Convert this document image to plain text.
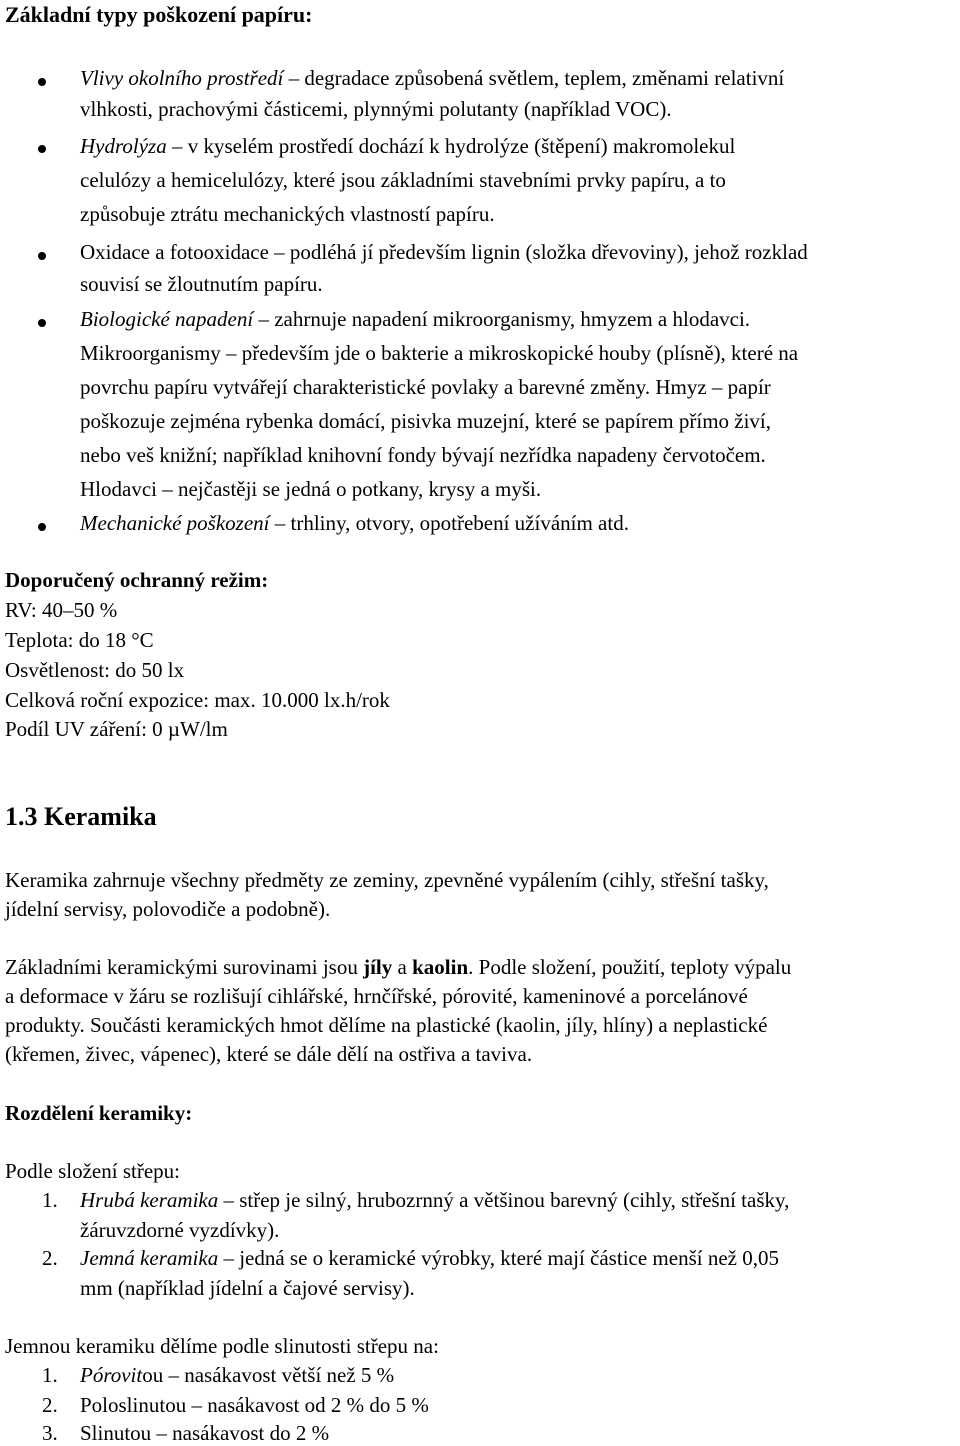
Základní typy poškození papíru:
Vlivy okolního prostředí – degradace způsobená světlem, teplem, změnami relativní
vlhkosti, prachovými částicemi, plynnými polutanty (například VOC).
Hydrolýza – v kyselém prostředí dochází k hydrolýze (štěpení) makromolekul
celulózy a hemicelulózy, které jsou základními stavebními prvky papíru, a to
způsobuje ztrátu mechanických vlastností papíru.
Oxidace a fotooxidace – podléhá jí především lignin (složka dřevoviny), jehož rozklad
souvisí se žloutnutím papíru.
Biologické napadení – zahrnuje napadení mikroorganismy, hmyzem a hlodavci.
Mikroorganismy – především jde o bakterie a mikroskopické houby (plísně), které na
povrchu papíru vytvářejí charakteristické povlaky a barevné změny. Hmyz – papír
poškozuje zejména rybenka domácí, pisivka muzejní, které se papírem přímo živí,
nebo veš knižní; například knihovní fondy bývají nezřídka napadeny červotočem.
Hlodavci – nejčastěji se jedná o potkany, krysy a myši.
Mechanické poškození – trhliny, otvory, opotřebení užíváním atd.
Doporučený ochranný režim:
RV: 40–50 %
Teplota: do 18 °C
Osvětlenost: do 50 lx
Celková roční expozice: max. 10.000 lx.h/rok
Podíl UV záření: 0 µW/lm
1.3 Keramika
Keramika zahrnuje všechny předměty ze zeminy, zpevněné vypálením (cihly, střešní tašky,
jídelní servisy, polovodiče a podobně).
Základními keramickými surovinami jsou jíly a kaolin. Podle složení, použití, teploty výpalu
a deformace v žáru se rozlišují cihlářské, hrnčířské, pórovité, kameninové a porcelánové
produkty. Součásti keramických hmot dělíme na plastické (kaolin, jíly, hlíny) a neplastické
(křemen, živec, vápenec), které se dále dělí na ostřiva a taviva.
Rozdělení keramiky:
Podle složení střepu:
1. Hrubá keramika – střep je silný, hrubozrnný a většinou barevný (cihly, střešní tašky,
žáruvzdorné vyzdívky).
2. Jemná keramika – jedná se o keramické výrobky, které mají částice menší než 0,05
mm (například jídelní a čajové servisy).
Jemnou keramiku dělíme podle slinutosti střepu na:
1. Pórovitou – nasákavost větší než 5 %
2. Poloslinutou – nasákavost od 2 % do 5 %
3. Slinutou – nasákavost do 2 %
